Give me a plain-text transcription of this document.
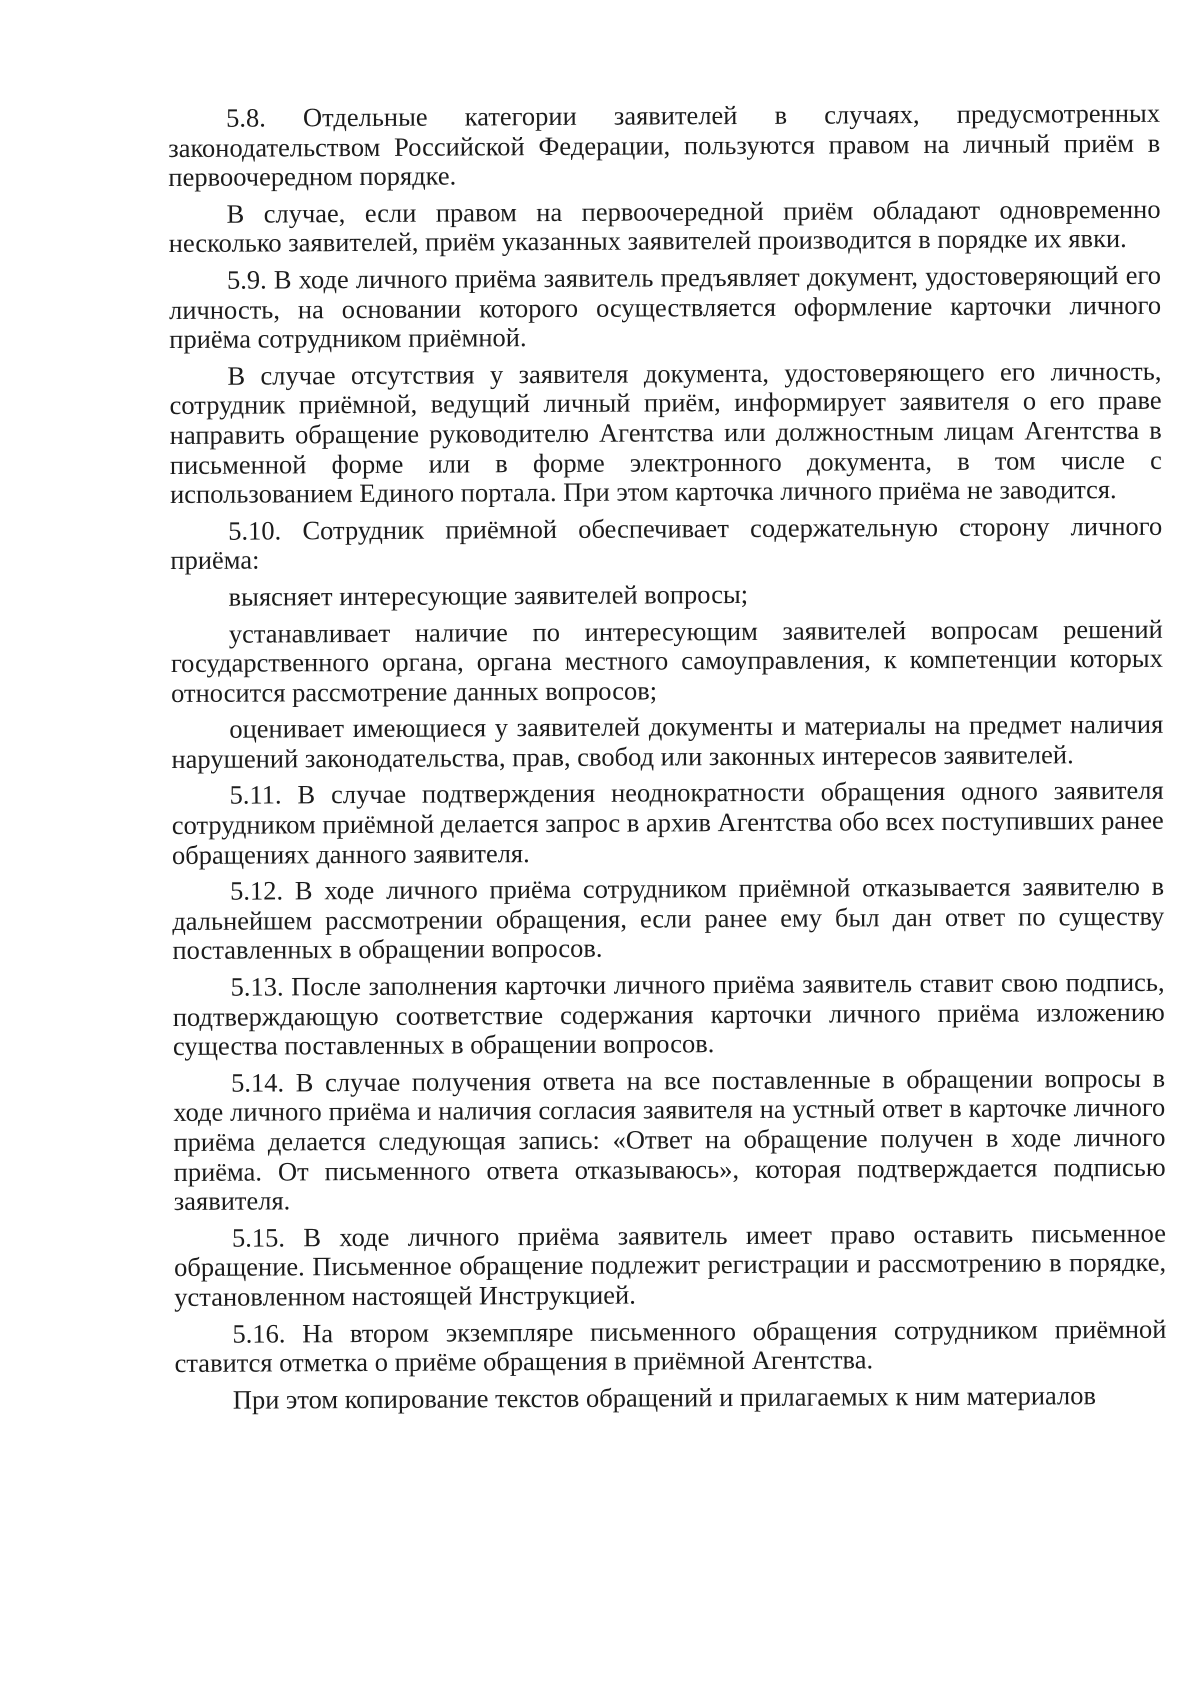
5.8. Отдельные категории заявителей в случаях, предусмотренных законодательством Российской Федерации, пользуются правом на личный приём в первоочередном порядке.

В случае, если правом на первоочередной приём обладают одновременно несколько заявителей, приём указанных заявителей производится в порядке их явки.

5.9. В ходе личного приёма заявитель предъявляет документ, удостоверяющий его личность, на основании которого осуществляется оформление карточки личного приёма сотрудником приёмной.

В случае отсутствия у заявителя документа, удостоверяющего его личность, сотрудник приёмной, ведущий личный приём, информирует заявителя о его праве направить обращение руководителю Агентства или должностным лицам Агентства в письменной форме или в форме электронного документа, в том числе с использованием Единого портала. При этом карточка личного приёма не заводится.

5.10. Сотрудник приёмной обеспечивает содержательную сторону личного приёма:

выясняет интересующие заявителей вопросы;

устанавливает наличие по интересующим заявителей вопросам решений государственного органа, органа местного самоуправления, к компетенции которых относится рассмотрение данных вопросов;

оценивает имеющиеся у заявителей документы и материалы на предмет наличия нарушений законодательства, прав, свобод или законных интересов заявителей.

5.11. В случае подтверждения неоднократности обращения одного заявителя сотрудником приёмной делается запрос в архив Агентства обо всех поступивших ранее обращениях данного заявителя.

5.12. В ходе личного приёма сотрудником приёмной отказывается заявителю в дальнейшем рассмотрении обращения, если ранее ему был дан ответ по существу поставленных в обращении вопросов.

5.13. После заполнения карточки личного приёма заявитель ставит свою подпись, подтверждающую соответствие содержания карточки личного приёма изложению существа поставленных в обращении вопросов.

5.14. В случае получения ответа на все поставленные в обращении вопросы в ходе личного приёма и наличия согласия заявителя на устный ответ в карточке личного приёма делается следующая запись: «Ответ на обращение получен в ходе личного приёма. От письменного ответа отказываюсь», которая подтверждается подписью заявителя.

5.15. В ходе личного приёма заявитель имеет право оставить письменное обращение. Письменное обращение подлежит регистрации и рассмотрению в порядке, установленном настоящей Инструкцией.

5.16. На втором экземпляре письменного обращения сотрудником приёмной ставится отметка о приёме обращения в приёмной Агентства.

При этом копирование текстов обращений и прилагаемых к ним материалов
